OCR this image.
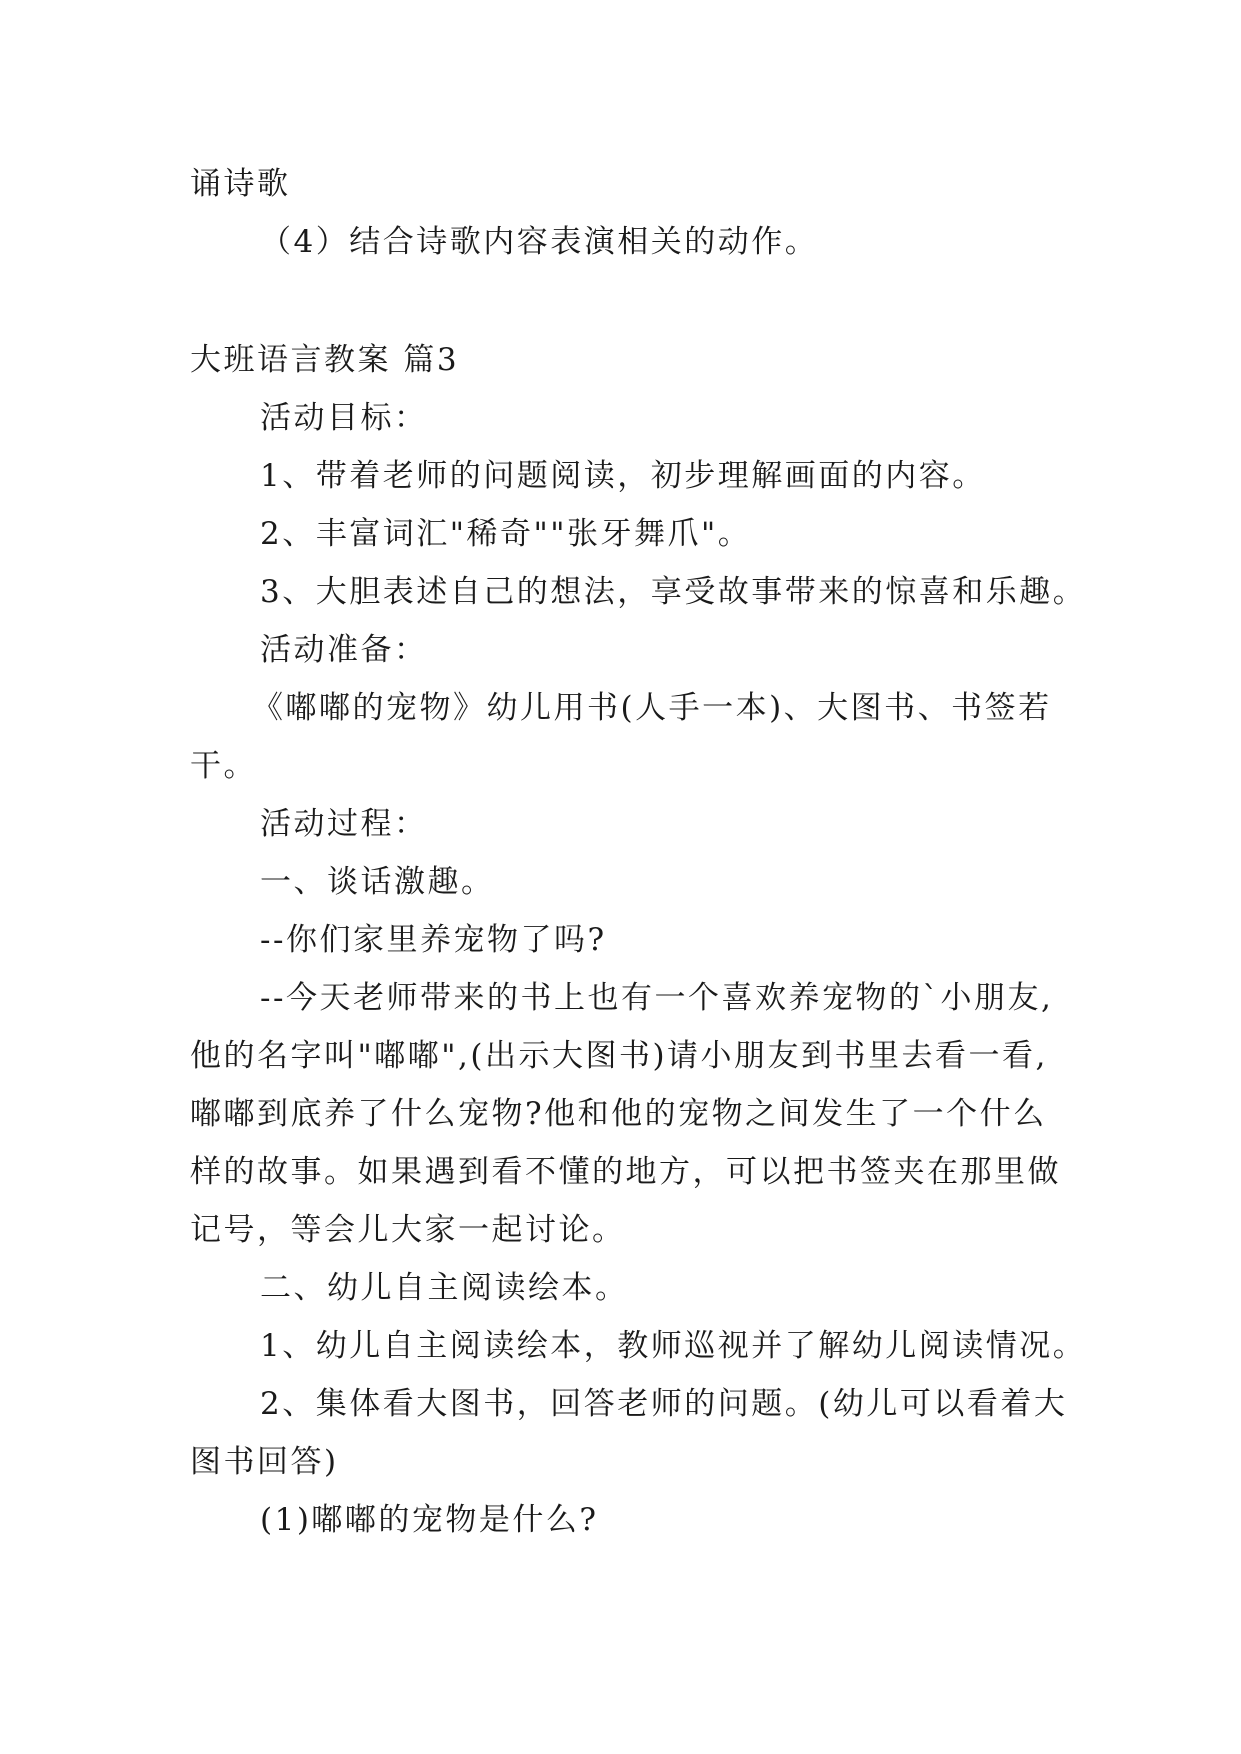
诵诗歌
（4）结合诗歌内容表演相关的动作。
大班语言教案 篇3
活动目标：
1、带着老师的问题阅读，初步理解画面的内容。
2、丰富词汇"稀奇""张牙舞爪"。
3、大胆表述自己的想法，享受故事带来的惊喜和乐趣。
活动准备：
《嘟嘟的宠物》幼儿用书(人手一本)、大图书、书签若
干。
活动过程：
一、谈话激趣。
--你们家里养宠物了吗?
--今天老师带来的书上也有一个喜欢养宠物的`小朋友,
他的名字叫"嘟嘟",(出示大图书)请小朋友到书里去看一看,
嘟嘟到底养了什么宠物?他和他的宠物之间发生了一个什么
样的故事。如果遇到看不懂的地方，可以把书签夹在那里做
记号，等会儿大家一起讨论。
二、幼儿自主阅读绘本。
1、幼儿自主阅读绘本，教师巡视并了解幼儿阅读情况。
2、集体看大图书，回答老师的问题。(幼儿可以看着大
图书回答)
(1)嘟嘟的宠物是什么?
